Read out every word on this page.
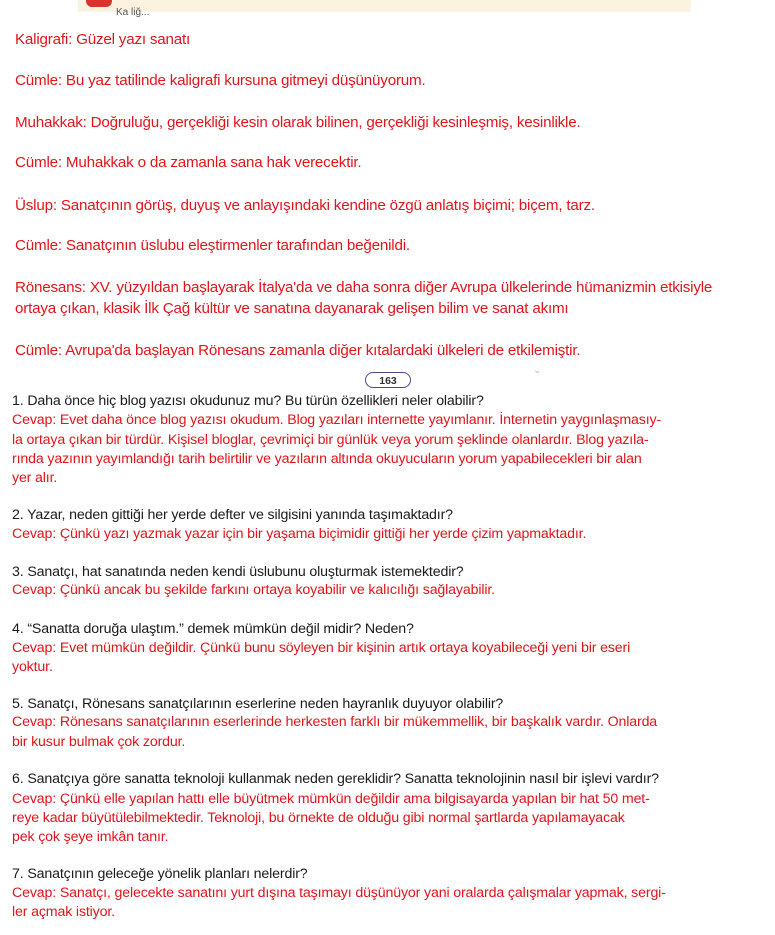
Ka liğ...
Kaligrafi: Güzel yazı sanatı
Cümle: Bu yaz tatilinde kaligrafi kursuna gitmeyi düşünüyorum.
Muhakkak: Doğruluğu, gerçekliği kesin olarak bilinen, gerçekliği kesinleşmiş, kesinlikle.
Cümle: Muhakkak o da zamanla sana hak verecektir.
Üslup: Sanatçının görüş, duyuş ve anlayışındaki kendine özgü anlatış biçimi; biçem, tarz.
Cümle: Sanatçının üslubu eleştirmenler tarafından beğenildi.
Rönesans: XV. yüzyıldan başlayarak İtalya'da ve daha sonra diğer Avrupa ülkelerinde hümanizmin etkisiyle
ortaya çıkan, klasik İlk Çağ kültür ve sanatına dayanarak gelişen bilim ve sanat akımı
Cümle: Avrupa'da başlayan Rönesans zamanla diğer kıtalardaki ülkeleri de etkilemiştir.
⌄
163
1. Daha önce hiç blog yazısı okudunuz mu? Bu türün özellikleri neler olabilir?
Cevap: Evet daha önce blog yazısı okudum. Blog yazıları internette yayımlanır. İnternetin yaygınlaşmasıy-
la ortaya çıkan bir türdür. Kişisel bloglar, çevrimiçi bir günlük veya yorum şeklinde olanlardır. Blog yazıla-
rında yazının yayımlandığı tarih belirtilir ve yazıların altında okuyucuların yorum yapabilecekleri bir alan
yer alır.
2. Yazar, neden gittiği her yerde defter ve silgisini yanında taşımaktadır?
Cevap: Çünkü yazı yazmak yazar için bir yaşama biçimidir gittiği her yerde çizim yapmaktadır.
3. Sanatçı, hat sanatında neden kendi üslubunu oluşturmak istemektedir?
Cevap: Çünkü ancak bu şekilde farkını ortaya koyabilir ve kalıcılığı sağlayabilir.
4. “Sanatta doruğa ulaştım.” demek mümkün değil midir? Neden?
Cevap: Evet mümkün değildir. Çünkü bunu söyleyen bir kişinin artık ortaya koyabileceği yeni bir eseri
yoktur.
5. Sanatçı, Rönesans sanatçılarının eserlerine neden hayranlık duyuyor olabilir?
Cevap: Rönesans sanatçılarının eserlerinde herkesten farklı bir mükemmellik, bir başkalık vardır. Onlarda
bir kusur bulmak çok zordur.
6. Sanatçıya göre sanatta teknoloji kullanmak neden gereklidir? Sanatta teknolojinin nasıl bir işlevi vardır?
Cevap: Çünkü elle yapılan hattı elle büyütmek mümkün değildir ama bilgisayarda yapılan bir hat 50 met-
reye kadar büyütülebilmektedir. Teknoloji, bu örnekte de olduğu gibi normal şartlarda yapılamayacak
pek çok şeye imkân tanır.
7. Sanatçının geleceğe yönelik planları nelerdir?
Cevap: Sanatçı, gelecekte sanatını yurt dışına taşımayı düşünüyor yani oralarda çalışmalar yapmak, sergi-
ler açmak istiyor.
